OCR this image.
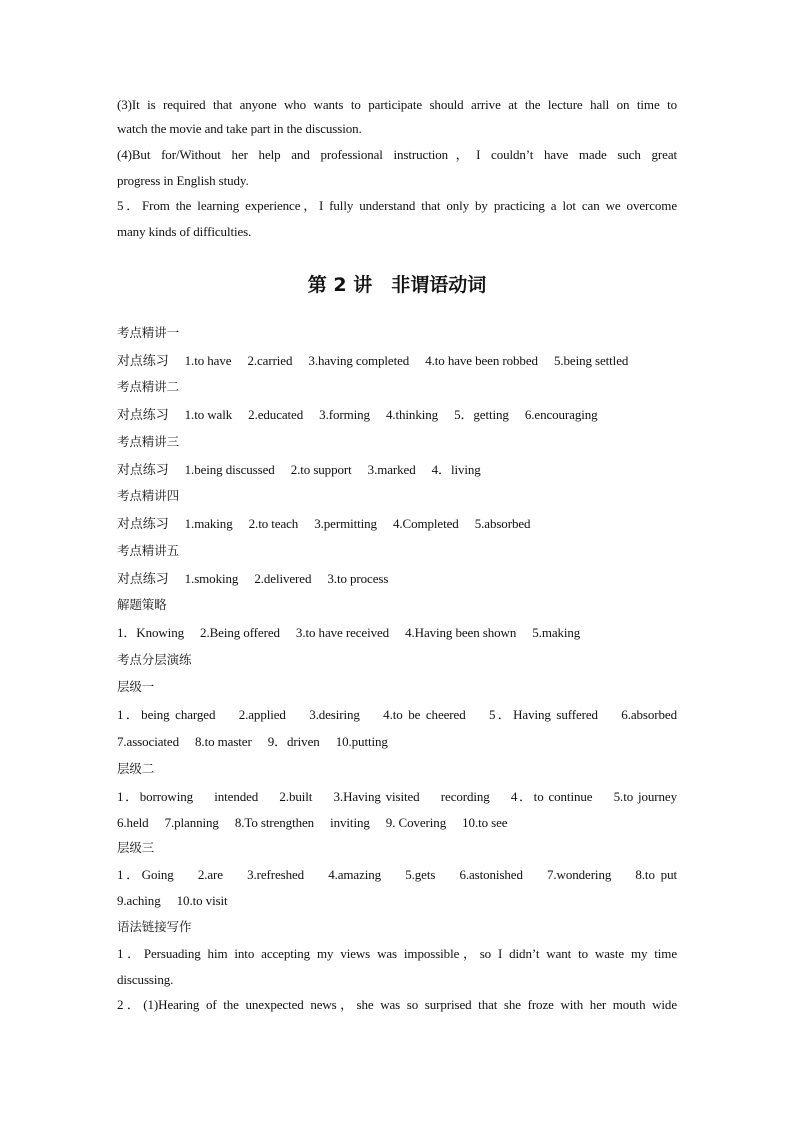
(3)It is required that anyone who wants to participate should arrive at the lecture hall on time to
watch the movie and take part in the discussion.
(4)But for/Without her help and professional instruction，I couldn’t have made such great
progress in English study.
5．From the learning experience，I fully understand that only by practicing a lot can we overcome
many kinds of difficulties.
第 2 讲　非谓语动词
考点精讲一
对点练习　 1.to have　 2.carried　 3.having completed　 4.to have been robbed　 5.being settled
考点精讲二
对点练习　 1.to walk　 2.educated　 3.forming　 4.thinking　 5．getting　 6.encouraging
考点精讲三
对点练习　 1.being discussed　 2.to support　 3.marked　 4．living
考点精讲四
对点练习　 1.making　 2.to teach　 3.permitting　 4.Completed　 5.absorbed
考点精讲五
对点练习　 1.smoking　 2.delivered　 3.to process
解题策略
1．Knowing　 2.Being offered　 3.to have received　 4.Having been shown　 5.making
考点分层演练
层级一
1．being charged　 2.applied　 3.desiring　 4.to be cheered　 5．Having suffered　 6.absorbed
7.associated　 8.to master　 9．driven　 10.putting
层级二
1．borrowing　 intended　 2.built　 3.Having visited　 recording　 4．to continue　 5.to journey
6.held　 7.planning　 8.To strengthen　 inviting　 9. Covering　 10.to see
层级三
1．Going　 2.are　 3.refreshed　 4.amazing　 5.gets　 6.astonished　 7.wondering　 8.to put
9.aching　 10.to visit
语法链接写作
1．Persuading him into accepting my views was impossible，so I didn’t want to waste my time
discussing.
2．(1)Hearing of the unexpected news，she was so surprised that she froze with her mouth wide
